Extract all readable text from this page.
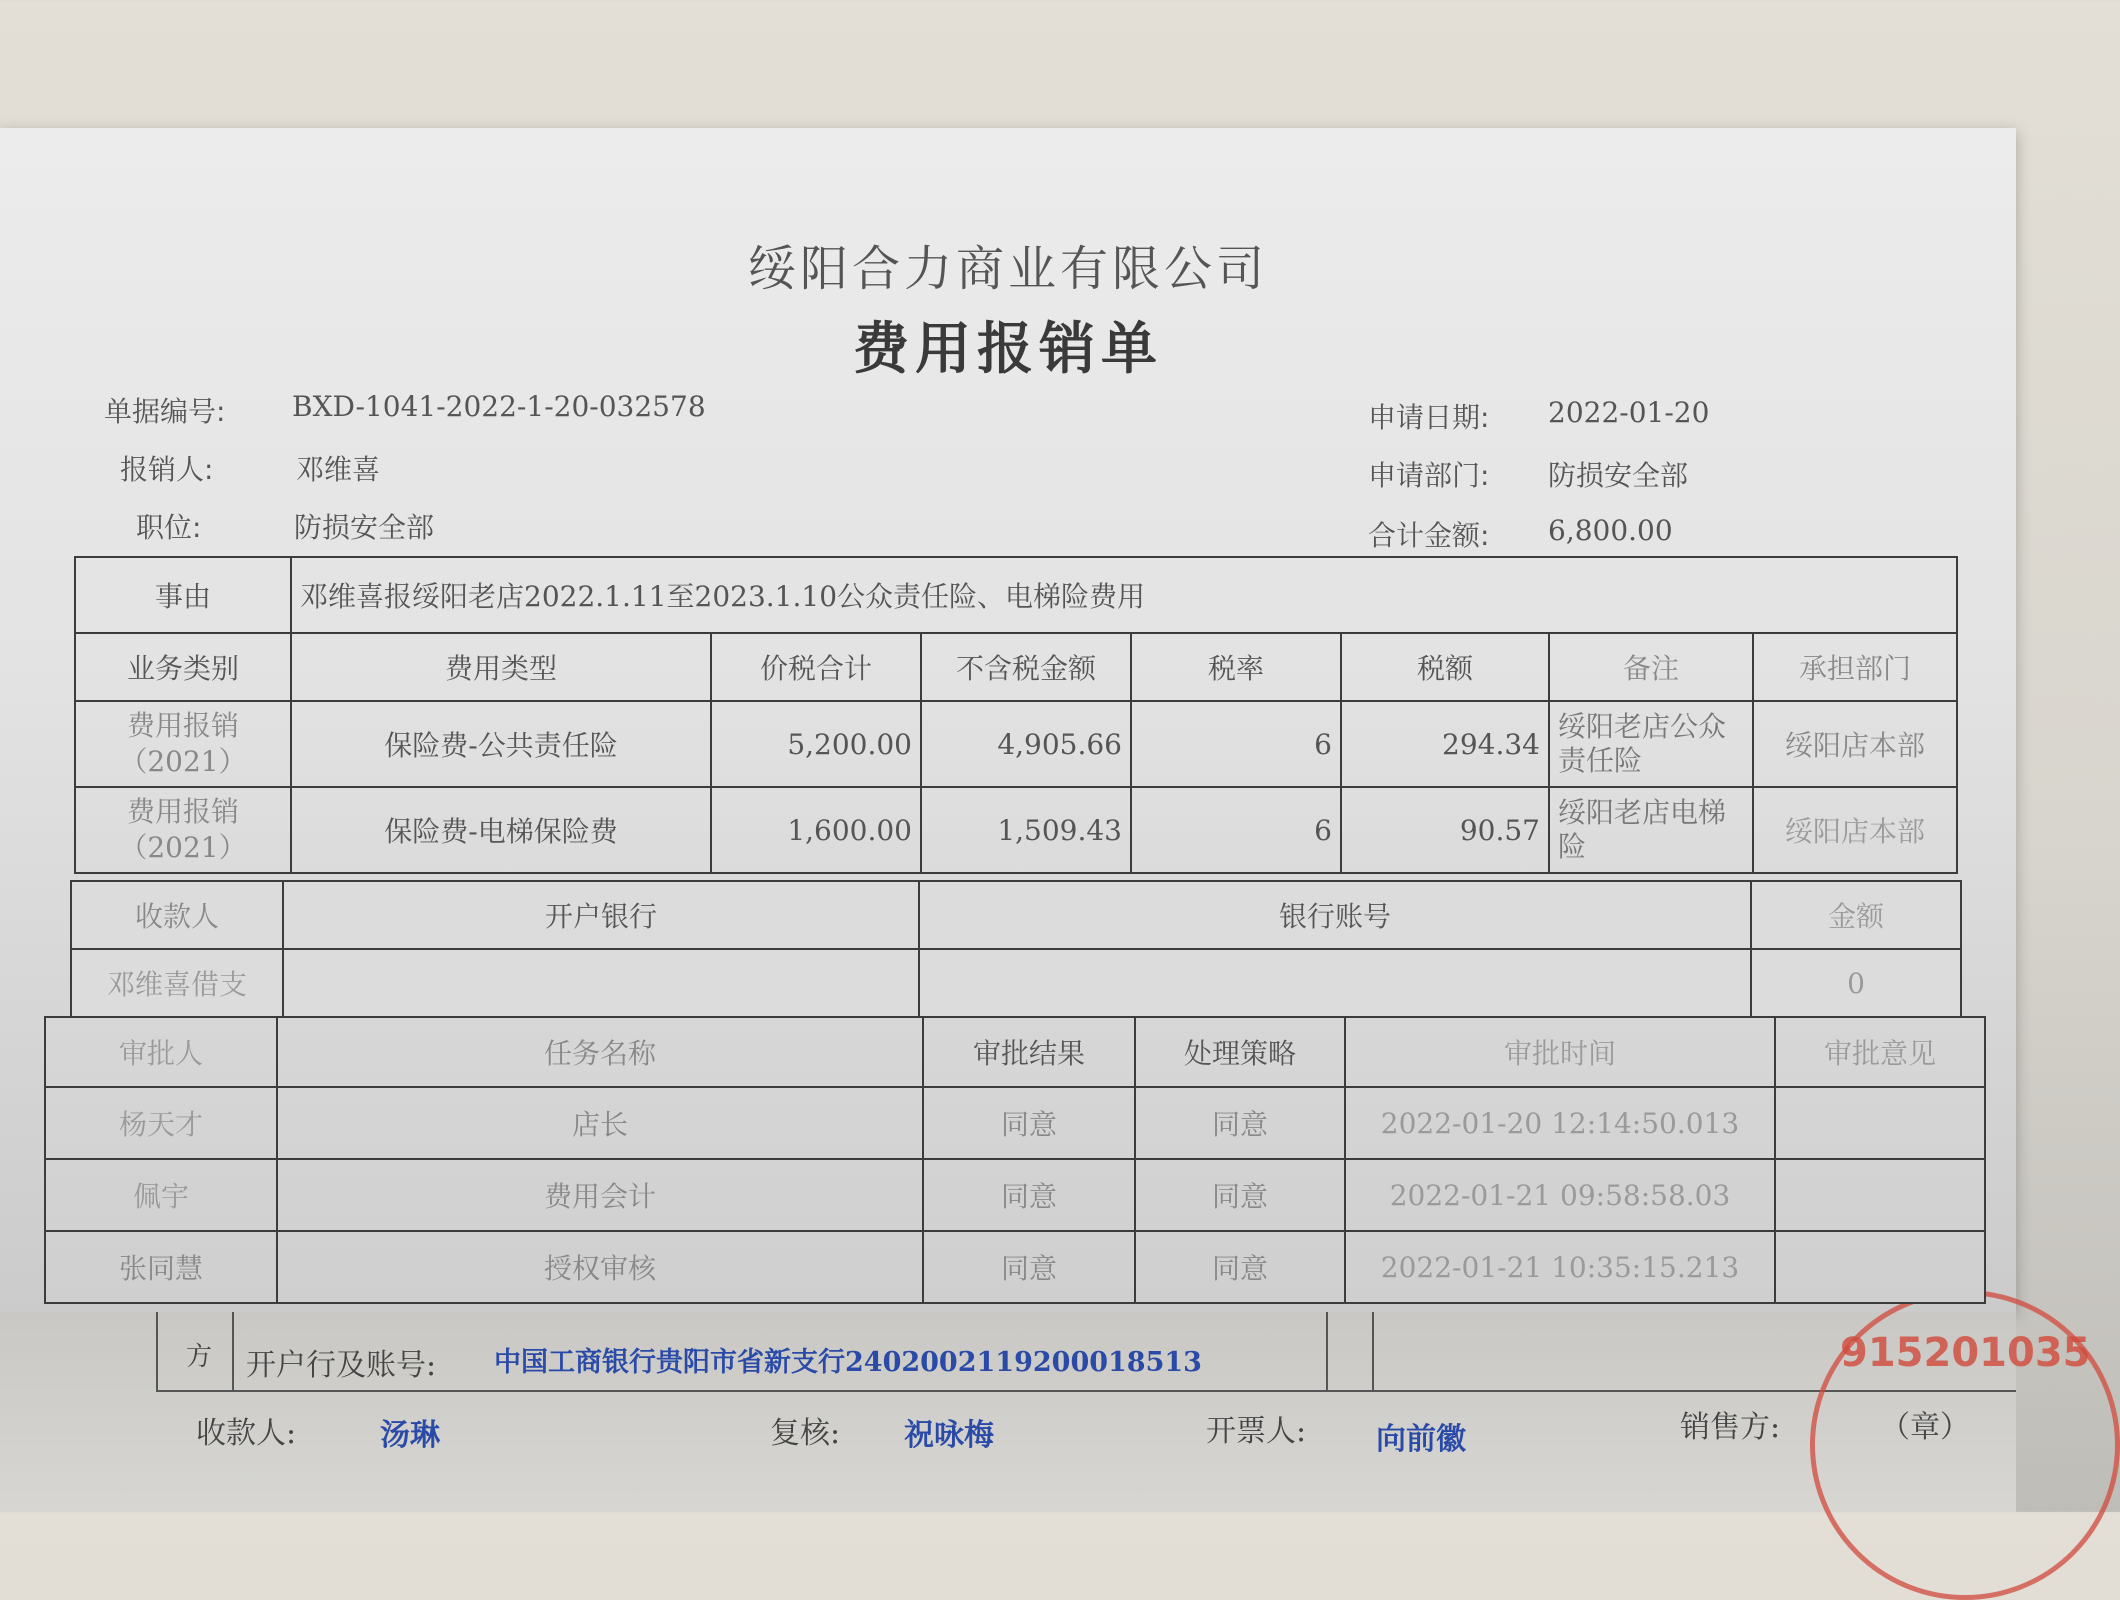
方 开户行及账号: 中国工商银行贵阳市省新支行2402002119200018513
收款人:	汤琳	复核: 祝咏梅	开票人: 向前徽	销售方:	（章）
915201035
绥阳合力商业有限公司
费用报销单
单据编号: BXD-1041-2022-1-20-032578
报销人:	邓维喜
职位:	防损安全部
申请日期: 2022-01-20
申请部门: 防损安全部
合计金额: 6,800.00
事由	邓维喜报绥阳老店2022.1.11至2023.1.10公众责任险、电梯险费用						
业务类别	费用类型	价税合计	不含税金额	税率	税额	备注	承担部门
费用报销（2021）	保险费-公共责任险	5,200.00	4,905.66	6	294.34	绥阳老店公众责任险	绥阳店本部
费用报销（2021）	保险费-电梯保险费	1,600.00	1,509.43	6	90.57	绥阳老店电梯险	绥阳店本部
收款人	开户银行	银行账号	金额
邓维喜借支			0
审批人	任务名称	审批结果	处理策略	审批时间	审批意见
杨天才	店长	同意	同意	2022-01-20 12:14:50.013	
佩宇	费用会计	同意	同意	2022-01-21 09:58:58.03	
张同慧	授权审核	同意	同意	2022-01-21 10:35:15.213	
